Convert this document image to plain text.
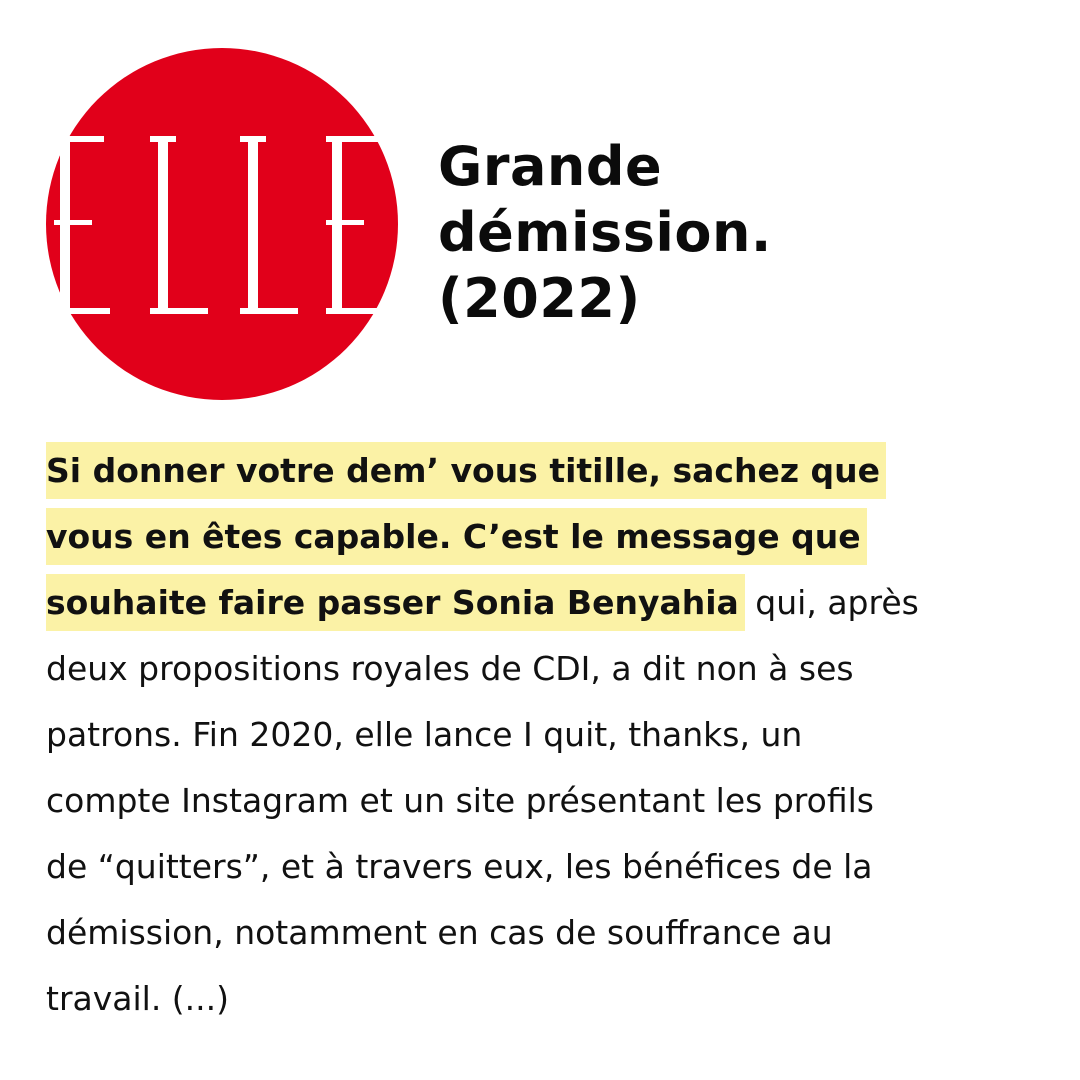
Grande
démission.
(2022)
Si donner votre dem’ vous titille, sachez que
vous en êtes capable. C’est le message que
souhaite faire passer Sonia Benyahia qui, après
deux propositions royales de CDI, a dit non à ses
patrons. Fin 2020, elle lance I quit, thanks, un
compte Instagram et un site présentant les profils
de “quitters”, et à travers eux, les bénéfices de la
démission, notamment en cas de souffrance au
travail. (...)
